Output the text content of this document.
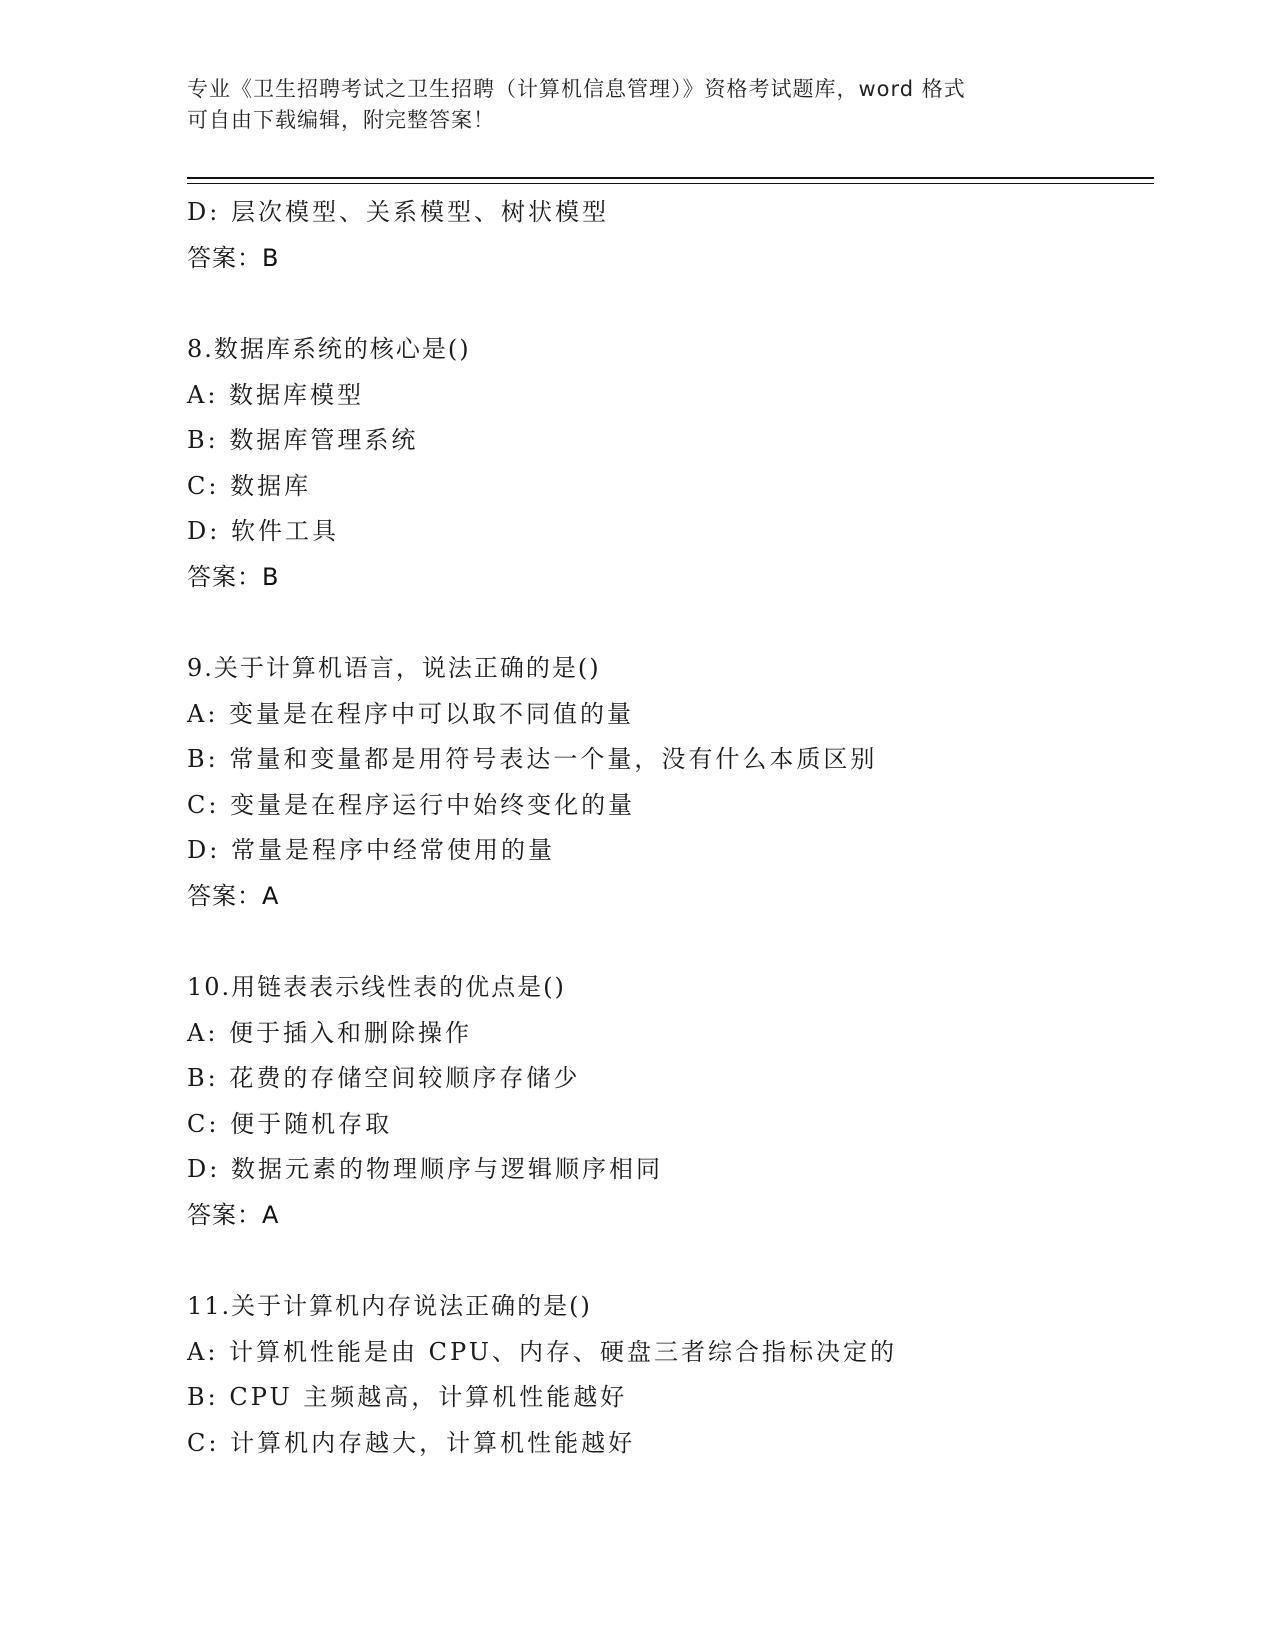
专业《卫生招聘考试之卫生招聘（计算机信息管理）》资格考试题库，word 格式
可自由下载编辑，附完整答案！
D: 层次模型、关系模型、树状模型
答案：B
8.数据库系统的核心是()
A: 数据库模型
B: 数据库管理系统
C: 数据库
D: 软件工具
答案：B
9.关于计算机语言，说法正确的是()
A: 变量是在程序中可以取不同值的量
B: 常量和变量都是用符号表达一个量，没有什么本质区别
C: 变量是在程序运行中始终变化的量
D: 常量是程序中经常使用的量
答案：A
10.用链表表示线性表的优点是()
A: 便于插入和删除操作
B: 花费的存储空间较顺序存储少
C: 便于随机存取
D: 数据元素的物理顺序与逻辑顺序相同
答案：A
11.关于计算机内存说法正确的是()
A: 计算机性能是由 CPU、内存、硬盘三者综合指标决定的
B: CPU 主频越高，计算机性能越好
C: 计算机内存越大，计算机性能越好
